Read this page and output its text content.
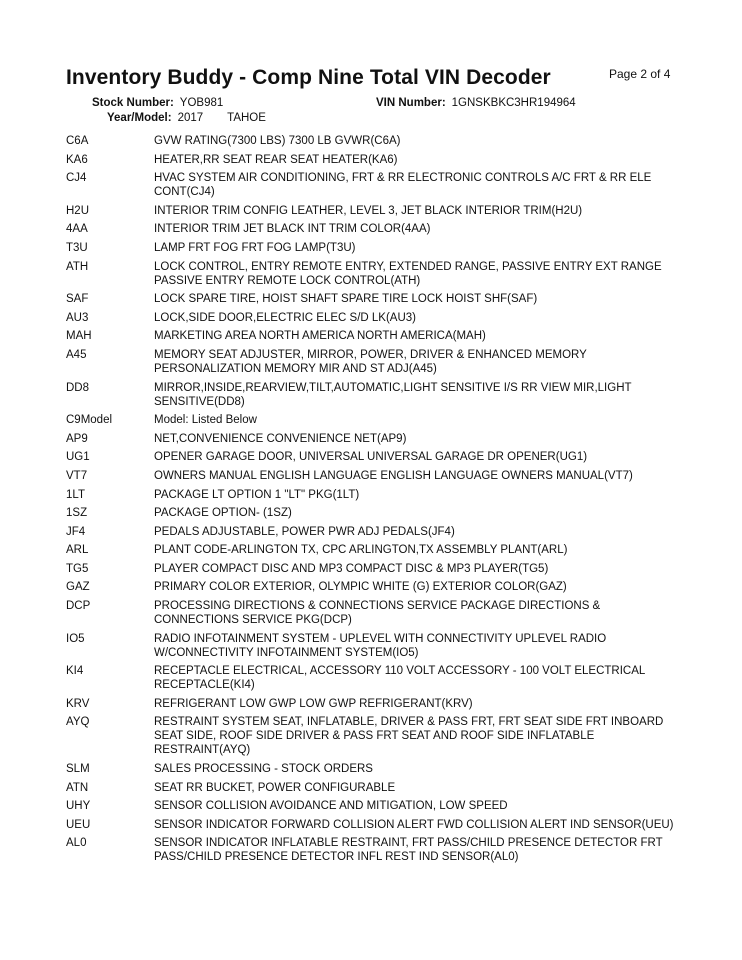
Inventory Buddy - Comp Nine Total VIN Decoder	Page 2 of 4
Stock Number: YOB981	VIN Number: 1GNSKBKC3HR194964
Year/Model: 2017 TAHOE
C6A	GVW RATING(7300 LBS) 7300 LB GVWR(C6A)
KA6	HEATER,RR SEAT REAR SEAT HEATER(KA6)
CJ4	HVAC SYSTEM AIR CONDITIONING, FRT & RR ELECTRONIC CONTROLS A/C FRT & RR ELE CONT(CJ4)
H2U	INTERIOR TRIM CONFIG LEATHER, LEVEL 3, JET BLACK INTERIOR TRIM(H2U)
4AA	INTERIOR TRIM JET BLACK INT TRIM COLOR(4AA)
T3U	LAMP FRT FOG FRT FOG LAMP(T3U)
ATH	LOCK CONTROL, ENTRY REMOTE ENTRY, EXTENDED RANGE, PASSIVE ENTRY EXT RANGE PASSIVE ENTRY REMOTE LOCK CONTROL(ATH)
SAF	LOCK SPARE TIRE, HOIST SHAFT SPARE TIRE LOCK HOIST SHF(SAF)
AU3	LOCK,SIDE DOOR,ELECTRIC ELEC S/D LK(AU3)
MAH	MARKETING AREA NORTH AMERICA NORTH AMERICA(MAH)
A45	MEMORY SEAT ADJUSTER, MIRROR, POWER, DRIVER & ENHANCED MEMORY PERSONALIZATION MEMORY MIR AND ST ADJ(A45)
DD8	MIRROR,INSIDE,REARVIEW,TILT,AUTOMATIC,LIGHT SENSITIVE I/S RR VIEW MIR,LIGHT SENSITIVE(DD8)
C9Model	Model: Listed Below
AP9	NET,CONVENIENCE CONVENIENCE NET(AP9)
UG1	OPENER GARAGE DOOR, UNIVERSAL UNIVERSAL GARAGE DR OPENER(UG1)
VT7	OWNERS MANUAL ENGLISH LANGUAGE ENGLISH LANGUAGE OWNERS MANUAL(VT7)
1LT	PACKAGE LT OPTION 1 "LT" PKG(1LT)
1SZ	PACKAGE OPTION- (1SZ)
JF4	PEDALS ADJUSTABLE, POWER PWR ADJ PEDALS(JF4)
ARL	PLANT CODE-ARLINGTON TX, CPC ARLINGTON,TX ASSEMBLY PLANT(ARL)
TG5	PLAYER COMPACT DISC AND MP3 COMPACT DISC & MP3 PLAYER(TG5)
GAZ	PRIMARY COLOR EXTERIOR, OLYMPIC WHITE (G) EXTERIOR COLOR(GAZ)
DCP	PROCESSING DIRECTIONS & CONNECTIONS SERVICE PACKAGE DIRECTIONS & CONNECTIONS SERVICE PKG(DCP)
IO5	RADIO INFOTAINMENT SYSTEM - UPLEVEL WITH CONNECTIVITY UPLEVEL RADIO W/CONNECTIVITY INFOTAINMENT SYSTEM(IO5)
KI4	RECEPTACLE ELECTRICAL, ACCESSORY 110 VOLT ACCESSORY - 100 VOLT ELECTRICAL RECEPTACLE(KI4)
KRV	REFRIGERANT LOW GWP LOW GWP REFRIGERANT(KRV)
AYQ	RESTRAINT SYSTEM SEAT, INFLATABLE, DRIVER & PASS FRT, FRT SEAT SIDE FRT INBOARD SEAT SIDE, ROOF SIDE DRIVER & PASS FRT SEAT AND ROOF SIDE INFLATABLE RESTRAINT(AYQ)
SLM	SALES PROCESSING - STOCK ORDERS
ATN	SEAT RR BUCKET, POWER CONFIGURABLE
UHY	SENSOR COLLISION AVOIDANCE AND MITIGATION, LOW SPEED
UEU	SENSOR INDICATOR FORWARD COLLISION ALERT FWD COLLISION ALERT IND SENSOR(UEU)
AL0	SENSOR INDICATOR INFLATABLE RESTRAINT, FRT PASS/CHILD PRESENCE DETECTOR FRT PASS/CHILD PRESENCE DETECTOR INFL REST IND SENSOR(AL0)
